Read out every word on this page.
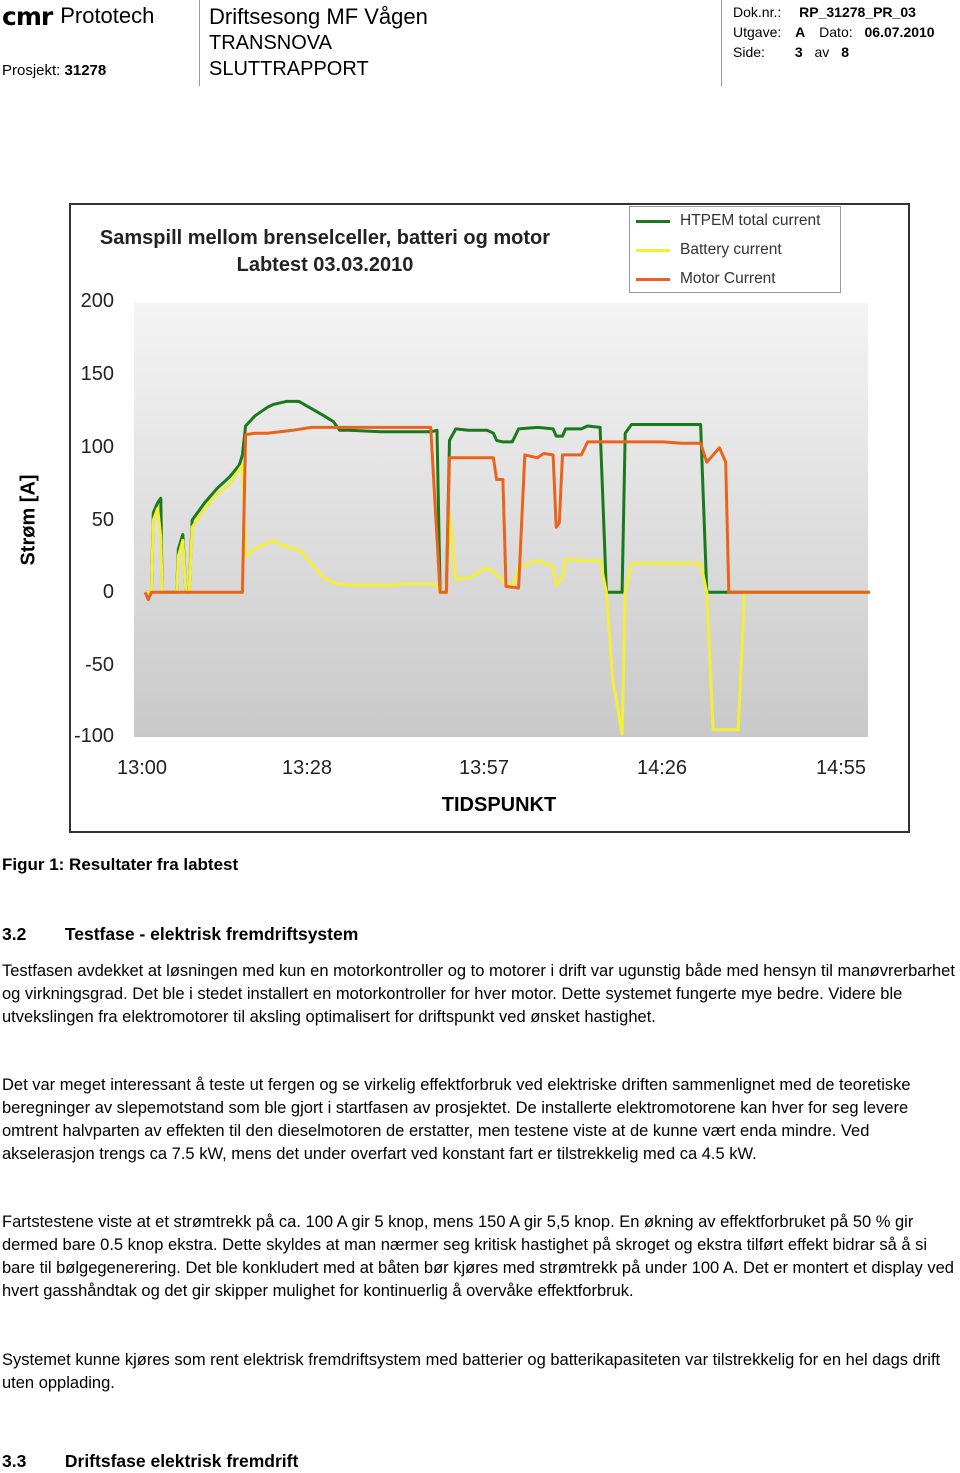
cmr Prototech
Prosjekt: 31278
Driftsesong MF Vågen
TRANSNOVA
SLUTTRAPPORT
Dok.nr.: RP_31278_PR_03
Utgave: A Dato: 06.07.2010
Side: 3 av 8
Samspill mellom brenselceller, batteri og motor
Labtest 03.03.2010
HTPEM total current
Battery current
Motor Current
Strøm [A]
200
150
100
50
0
-50
-100
13:00	13:28	13:57	14:26	14:55
TIDSPUNKT
Figur 1: Resultater fra labtest
3.2 Testfase - elektrisk fremdriftsystem

Testfasen avdekket at løsningen med kun en motorkontroller og to motorer i drift var ugunstig både med hensyn til manøvrerbarhet og virkningsgrad. Det ble i stedet installert en motorkontroller for hver motor. Dette systemet fungerte mye bedre. Videre ble utvekslingen fra elektromotorer til aksling optimalisert for driftspunkt ved ønsket hastighet.

Det var meget interessant å teste ut fergen og se virkelig effektforbruk ved elektriske driften sammenlignet med de teoretiske beregninger av slepemotstand som ble gjort i startfasen av prosjektet. De installerte elektromotorene kan hver for seg levere omtrent halvparten av effekten til den dieselmotoren de erstatter, men testene viste at de kunne vært enda mindre. Ved akselerasjon trengs ca 7.5 kW, mens det under overfart ved konstant fart er tilstrekkelig med ca 4.5 kW.

Fartstestene viste at et strømtrekk på ca. 100 A gir 5 knop, mens 150 A gir 5,5 knop. En økning av effektforbruket på 50 % gir dermed bare 0.5 knop ekstra. Dette skyldes at man nærmer seg kritisk hastighet på skroget og ekstra tilført effekt bidrar så å si bare til bølgegenerering. Det ble konkludert med at båten bør kjøres med strømtrekk på under 100 A. Det er montert et display ved hvert gasshåndtak og det gir skipper mulighet for kontinuerlig å overvåke effektforbruk.

Systemet kunne kjøres som rent elektrisk fremdriftsystem med batterier og batterikapasiteten var tilstrekkelig for en hel dags drift uten opplading.

3.3 Driftsfase elektrisk fremdrift
